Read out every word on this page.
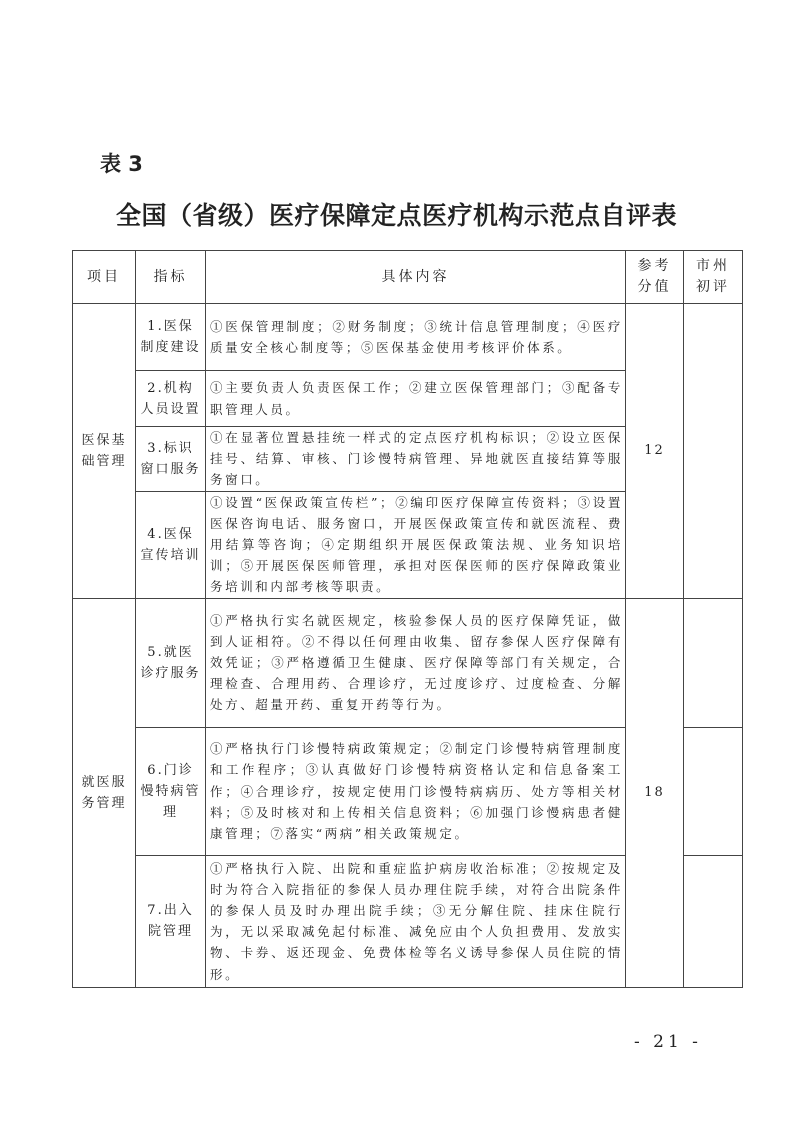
表 3
全国（省级）医疗保障定点医疗机构示范点自评表
项目	指标	具体内容	参考分值	市州初评
医保基础管理	1.医保制度建设	①医保管理制度；②财务制度；③统计信息管理制度；④医疗质量安全核心制度等；⑤医保基金使用考核评价体系。	12	
	2.机构人员设置	①主要负责人负责医保工作；②建立医保管理部门；③配备专职管理人员。		
	3.标识窗口服务	①在显著位置悬挂统一样式的定点医疗机构标识；②设立医保挂号、结算、审核、门诊慢特病管理、异地就医直接结算等服务窗口。		
	4.医保宣传培训	①设置“医保政策宣传栏”；②编印医疗保障宣传资料；③设置医保咨询电话、服务窗口，开展医保政策宣传和就医流程、费用结算等咨询；④定期组织开展医保政策法规、业务知识培训；⑤开展医保医师管理，承担对医保医师的医疗保障政策业务培训和内部考核等职责。		
就医服务管理	5.就医诊疗服务	①严格执行实名就医规定，核验参保人员的医疗保障凭证，做到人证相符。②不得以任何理由收集、留存参保人医疗保障有效凭证；③严格遵循卫生健康、医疗保障等部门有关规定，合理检查、合理用药、合理诊疗，无过度诊疗、过度检查、分解处方、超量开药、重复开药等行为。	18	
	6.门诊慢特病管理	①严格执行门诊慢特病政策规定；②制定门诊慢特病管理制度和工作程序；③认真做好门诊慢特病资格认定和信息备案工作；④合理诊疗，按规定使用门诊慢特病病历、处方等相关材料；⑤及时核对和上传相关信息资料；⑥加强门诊慢病患者健康管理；⑦落实“两病”相关政策规定。		
	7.出入院管理	①严格执行入院、出院和重症监护病房收治标准；②按规定及时为符合入院指征的参保人员办理住院手续，对符合出院条件的参保人员及时办理出院手续；③无分解住院、挂床住院行为，无以采取减免起付标准、减免应由个人负担费用、发放实物、卡券、返还现金、免费体检等名义诱导参保人员住院的情形。		
- 21 -
